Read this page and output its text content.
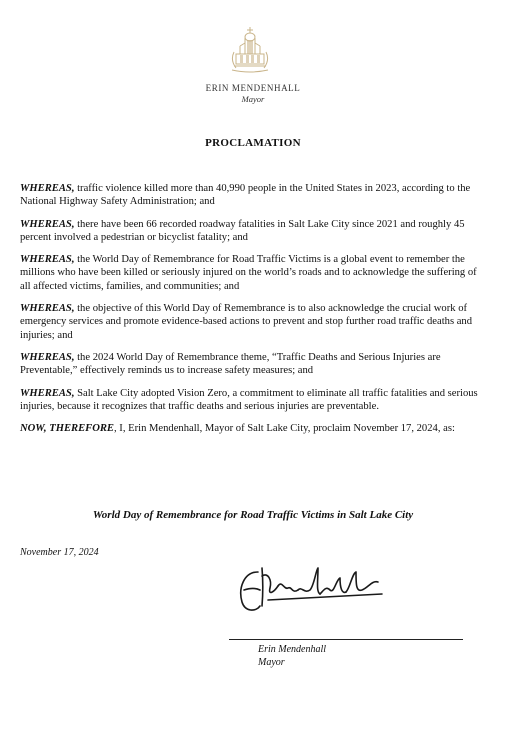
ERIN MENDENHALL
Mayor
PROCLAMATION

WHEREAS, traffic violence killed more than 40,990 people in the United States in 2023, according to the National Highway Safety Administration; and

WHEREAS, there have been 66 recorded roadway fatalities in Salt Lake City since 2021 and roughly 45 percent involved a pedestrian or bicyclist fatality; and

WHEREAS, the World Day of Remembrance for Road Traffic Victims is a global event to remember the millions who have been killed or seriously injured on the world’s roads and to acknowledge the suffering of all affected victims, families, and communities; and

WHEREAS, the objective of this World Day of Remembrance is to also acknowledge the crucial work of emergency services and promote evidence-based actions to prevent and stop further road traffic deaths and injuries; and

WHEREAS, the 2024 World Day of Remembrance theme, “Traffic Deaths and Serious Injuries are Preventable,” effectively reminds us to increase safety measures; and

WHEREAS, Salt Lake City adopted Vision Zero, a commitment to eliminate all traffic fatalities and serious injuries, because it recognizes that traffic deaths and serious injuries are preventable.

NOW, THEREFORE, I, Erin Mendenhall, Mayor of Salt Lake City, proclaim November 17, 2024, as:

World Day of Remembrance for Road Traffic Victims in Salt Lake City
November 17, 2024
Erin Mendenhall
Mayor
